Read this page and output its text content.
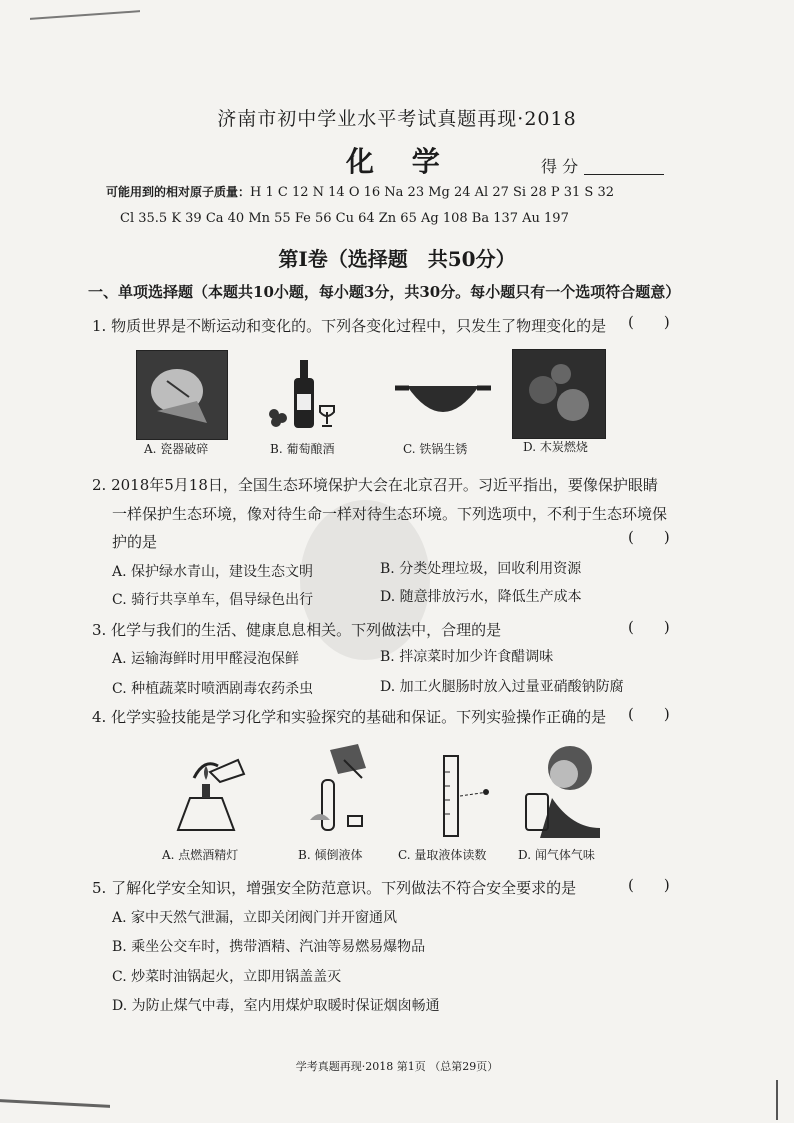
济南市初中学业水平考试真题再现·2018
化 学	得 分
可能用到的相对原子质量：H 1 C 12 N 14 O 16 Na 23 Mg 24 Al 27 Si 28 P 31 S 32
Cl 35.5 K 39 Ca 40 Mn 55 Fe 56 Cu 64 Zn 65 Ag 108 Ba 137 Au 197
第Ⅰ卷（选择题　共50分）
一、单项选择题（本题共10小题，每小题3分，共30分。每小题只有一个选项符合题意）
1. 物质世界是不断运动和变化的。下列各变化过程中，只发生了物理变化的是 (　　)
A. 瓷器破碎	B. 葡萄酿酒	C. 铁锅生锈	D. 木炭燃烧
2. 2018年5月18日，全国生态环境保护大会在北京召开。习近平指出，要像保护眼睛
一样保护生态环境，像对待生命一样对待生态环境。下列选项中，不利于生态环境保
护的是	(　　)
A. 保护绿水青山，建设生态文明	B. 分类处理垃圾，回收利用资源
C. 骑行共享单车，倡导绿色出行	D. 随意排放污水，降低生产成本
3. 化学与我们的生活、健康息息相关。下列做法中，合理的是	(　　)
A. 运输海鲜时用甲醛浸泡保鲜	B. 拌凉菜时加少许食醋调味
C. 种植蔬菜时喷洒剧毒农药杀虫	D. 加工火腿肠时放入过量亚硝酸钠防腐
4. 化学实验技能是学习化学和实验探究的基础和保证。下列实验操作正确的是 (　　)
A. 点燃酒精灯	B. 倾倒液体	C. 量取液体读数	D. 闻气体气味
5. 了解化学安全知识，增强安全防范意识。下列做法不符合安全要求的是	(　　)
A. 家中天然气泄漏，立即关闭阀门并开窗通风
B. 乘坐公交车时，携带酒精、汽油等易燃易爆物品
C. 炒菜时油锅起火，立即用锅盖盖灭
D. 为防止煤气中毒，室内用煤炉取暖时保证烟囱畅通
学考真题再现·2018 第1页 （总第29页）
